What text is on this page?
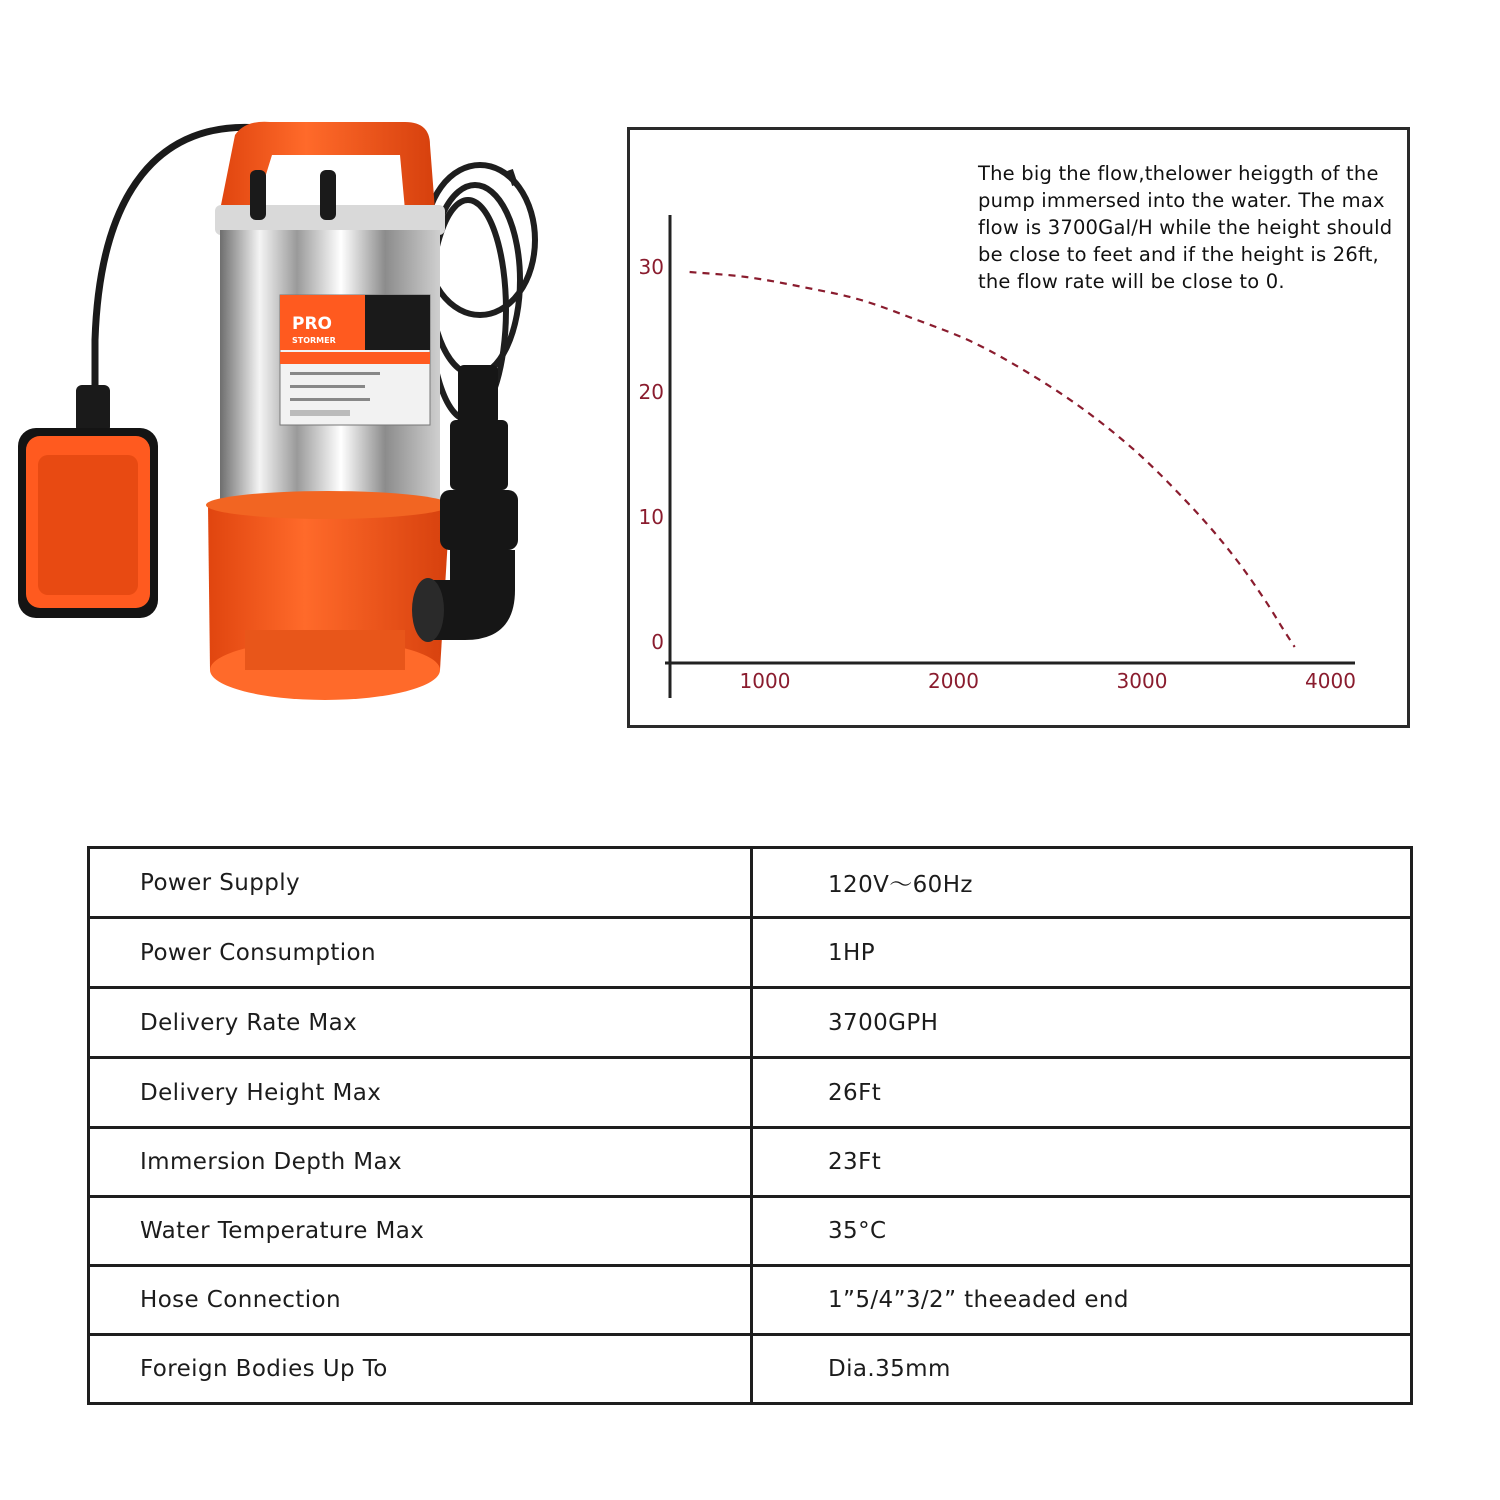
PRO
STORMER
1000	2000	3000	4000
0
10
20
30
The big the flow,thelower heiggth of the pump immersed into the water. The max flow is 3700Gal/H while the height should be close to feet and if the height is 26ft, the flow rate will be close to 0.
Power Supply	120V～60Hz
Power Consumption	1HP
Delivery Rate Max	3700GPH
Delivery Height Max	26Ft
Immersion Depth Max	23Ft
Water Temperature Max	35°C
Hose Connection	1”5/4”3/2” theeaded end
Foreign Bodies Up To	Dia.35mm
